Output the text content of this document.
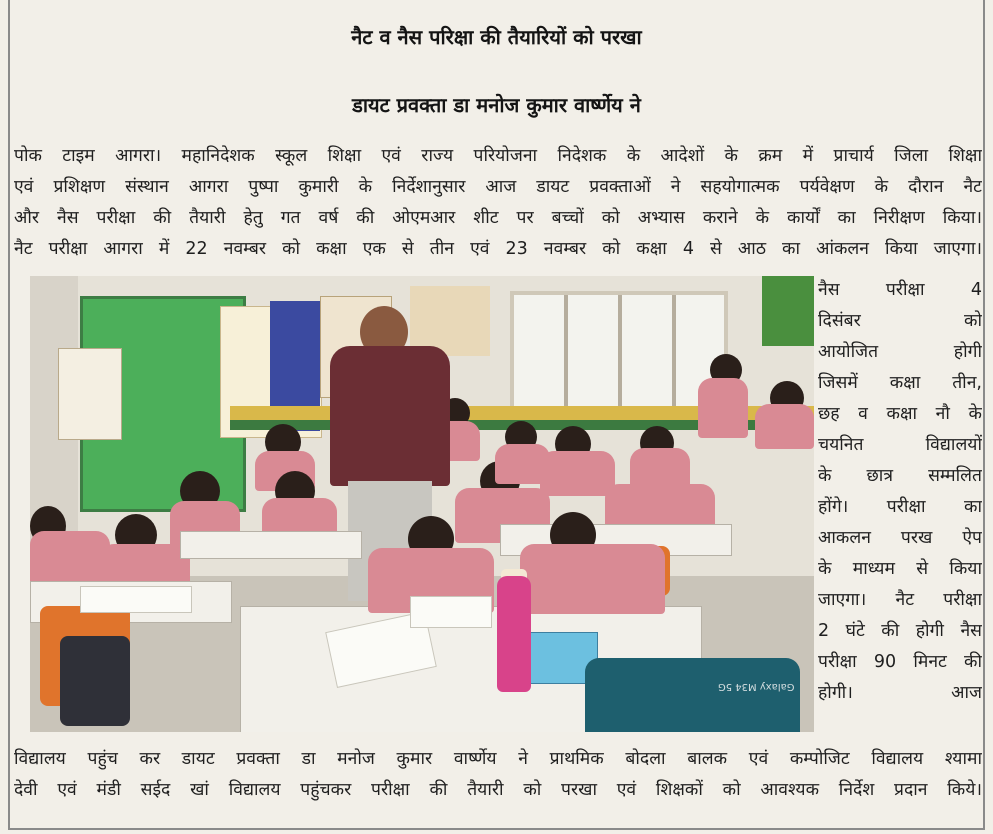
नैट व नैस परिक्षा की तैयारियों को परखा
डायट प्रवक्ता डा मनोज कुमार वार्ष्णेय ने
पोक टाइम आगरा। महानिदेशक स्कूल शिक्षा एवं राज्य परियोजना निदेशक के आदेशों के क्रम में प्राचार्य जिला शिक्षा
एवं प्रशिक्षण संस्थान आगरा पुष्पा कुमारी के निर्देशानुसार आज डायट प्रवक्ताओं ने सहयोगात्मक पर्यवेक्षण के दौरान नैट
और नैस परीक्षा की तैयारी हेतु गत वर्ष की ओएमआर शीट पर बच्चों को अभ्यास कराने के कार्यों का निरीक्षण किया।
नैट परीक्षा आगरा में 22 नवम्बर को कक्षा एक से तीन एवं 23 नवम्बर को कक्षा 4 से आठ का आंकलन किया जाएगा।
Galaxy M34 5G
नैस परीक्षा 4
दिसंबर को
आयोजित होगी
जिसमें कक्षा तीन,
छह व कक्षा नौ के
चयनित विद्यालयों
के छात्र सम्मलित
होंगे। परीक्षा का
आकलन परख ऐप
के माध्यम से किया
जाएगा। नैट परीक्षा
2 घंटे की होगी नैस
परीक्षा 90 मिनट की
होगी। आज
विद्यालय पहुंच कर डायट प्रवक्ता डा मनोज कुमार वार्ष्णेय ने प्राथमिक बोदला बालक एवं कम्पोजिट विद्यालय श्यामा
देवी एवं मंडी सईद खां विद्यालय पहुंचकर परीक्षा की तैयारी को परखा एवं शिक्षकों को आवश्यक निर्देश प्रदान किये।
